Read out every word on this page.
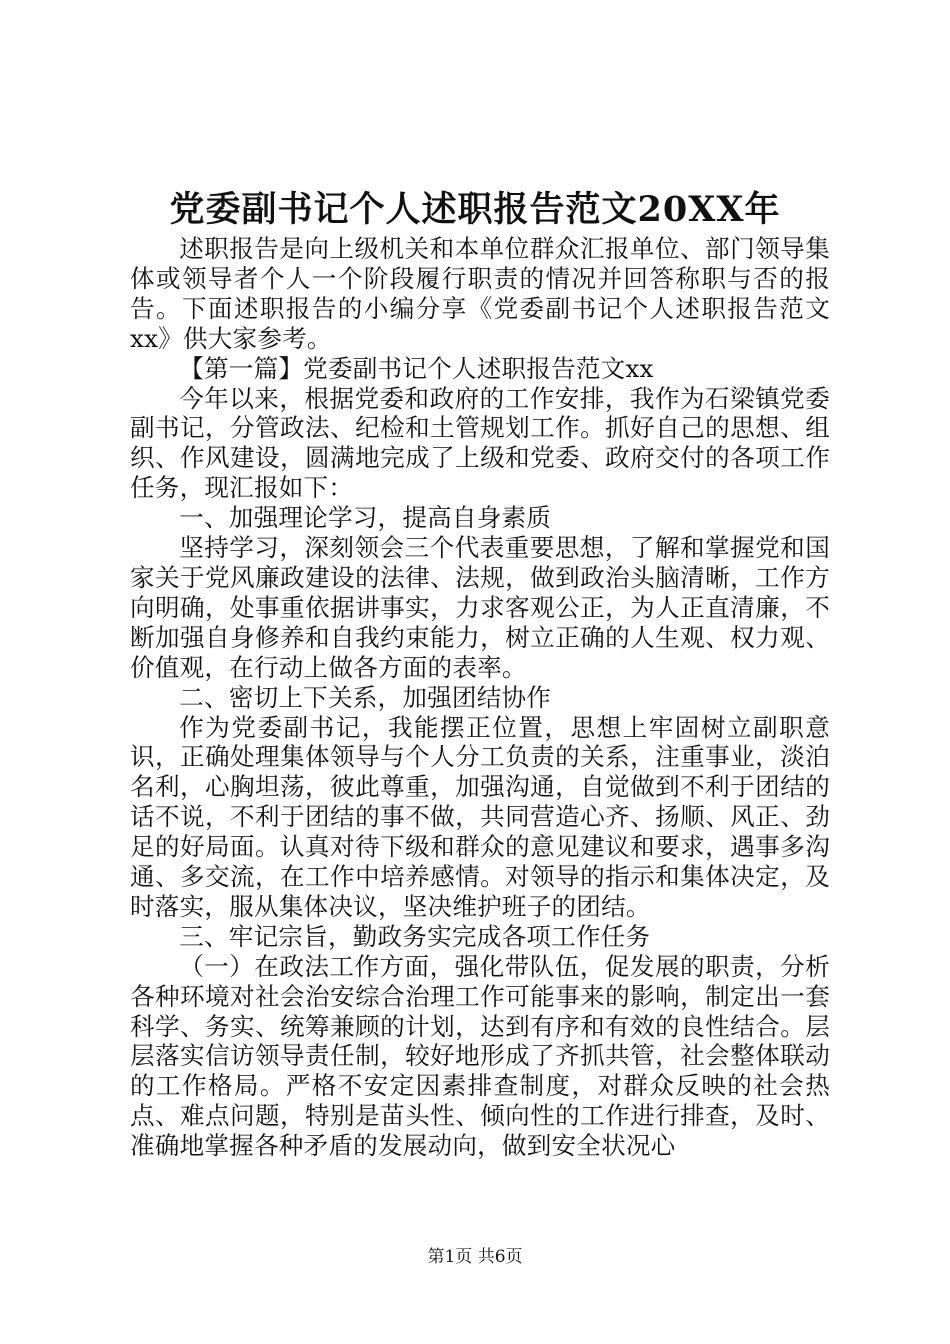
党委副书记个人述职报告范文20XX年

述职报告是向上级机关和本单位群众汇报单位、部门领导集体或领导者个人一个阶段履行职责的情况并回答称职与否的报告。下面述职报告的小编分享《党委副书记个人述职报告范文xx》供大家参考。

【第一篇】党委副书记个人述职报告范文xx

今年以来，根据党委和政府的工作安排，我作为石梁镇党委副书记，分管政法、纪检和土管规划工作。抓好自己的思想、组织、作风建设，圆满地完成了上级和党委、政府交付的各项工作任务，现汇报如下：

一、加强理论学习，提高自身素质

坚持学习，深刻领会三个代表重要思想，了解和掌握党和国家关于党风廉政建设的法律、法规，做到政治头脑清晰，工作方向明确，处事重依据讲事实，力求客观公正，为人正直清廉，不断加强自身修养和自我约束能力，树立正确的人生观、权力观、价值观，在行动上做各方面的表率。

二、密切上下关系，加强团结协作

作为党委副书记，我能摆正位置，思想上牢固树立副职意识，正确处理集体领导与个人分工负责的关系，注重事业，淡泊名利，心胸坦荡，彼此尊重，加强沟通，自觉做到不利于团结的话不说，不利于团结的事不做，共同营造心齐、扬顺、风正、劲足的好局面。认真对待下级和群众的意见建议和要求，遇事多沟通、多交流，在工作中培养感情。对领导的指示和集体决定，及时落实，服从集体决议，坚决维护班子的团结。

三、牢记宗旨，勤政务实完成各项工作任务

（一）在政法工作方面，强化带队伍，促发展的职责，分析各种环境对社会治安综合治理工作可能事来的影响，制定出一套科学、务实、统筹兼顾的计划，达到有序和有效的良性结合。层层落实信访领导责任制，较好地形成了齐抓共管，社会整体联动的工作格局。严格不安定因素排查制度，对群众反映的社会热点、难点问题，特别是苗头性、倾向性的工作进行排查，及时、准确地掌握各种矛盾的发展动向，做到安全状况心

第1页 共6页
